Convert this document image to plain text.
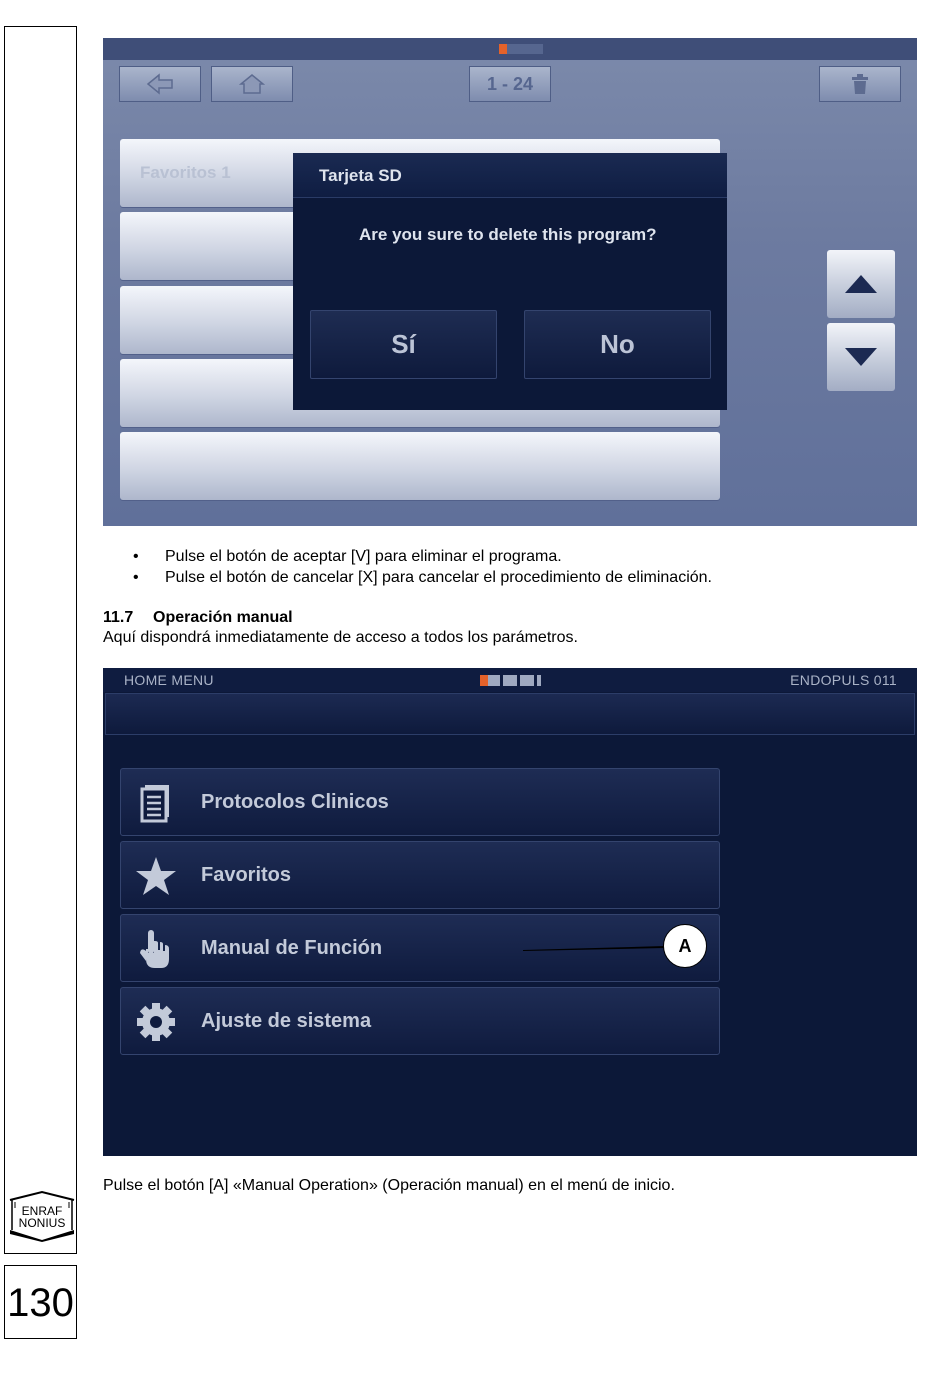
ENRAF
NONIUS
130
1 - 24
Favoritos 1	Tarjeta SD
Are you sure to delete this program?
Sí	No
• Pulse el botón de aceptar [V] para eliminar el programa.
• Pulse el botón de cancelar [X] para cancelar el procedimiento de eliminación.
11.7 Operación manual
Aquí dispondrá inmediatamente de acceso a todos los parámetros.
HOME MENU	ENDOPULS 011
Protocolos Clinicos
Favoritos
Manual de Función
Ajuste de sistema
A
Pulse el botón [A] «Manual Operation» (Operación manual) en el menú de inicio.
